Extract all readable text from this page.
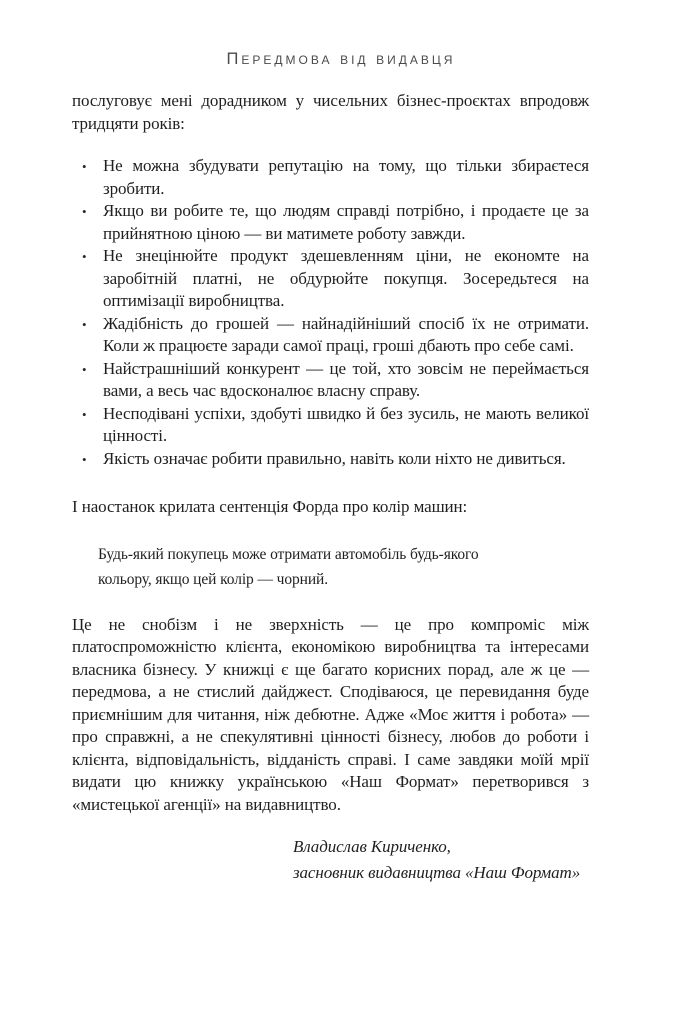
Передмова від видавця

послуговує мені дорадником у чисельних бізнес-проєктах впродовж тридцяти років:

• Не можна збудувати репутацію на тому, що тільки збираєтеся зробити.
• Якщо ви робите те, що людям справді потрібно, і продаєте це за прийнятною ціною — ви матимете роботу завжди.
• Не знецінюйте продукт здешевленням ціни, не економте на заробітній платні, не обдурюйте покупця. Зосередьтеся на оптимізації виробництва.
• Жадібність до грошей — найнадійніший спосіб їх не отримати. Коли ж працюєте заради самої праці, гроші дбають про себе самі.
• Найстрашніший конкурент — це той, хто зовсім не переймається вами, а весь час вдосконалює власну справу.
• Несподівані успіхи, здобуті швидко й без зусиль, не мають великої цінності.
• Якість означає робити правильно, навіть коли ніхто не дивиться.

І наостанок крилата сентенція Форда про колір машин:

Будь-який покупець може отримати автомобіль будь-якого кольору, якщо цей колір — чорний.

Це не снобізм і не зверхність — це про компроміс між платоспроможністю клієнта, економікою виробництва та інтересами власника бізнесу. У книжці є ще багато корисних порад, але ж це — передмова, а не стислий дайджест. Сподіваюся, це перевидання буде приємнішим для читання, ніж дебютне. Адже «Моє життя і робота» — про справжні, а не спекулятивні цінності бізнесу, любов до роботи і клієнта, відповідальність, відданість справі. І саме завдяки моїй мрії видати цю книжку українською «Наш Формат» перетворився з «мистецької агенції» на видавництво.

Владислав Кириченко,
засновник видавництва «Наш Формат»
